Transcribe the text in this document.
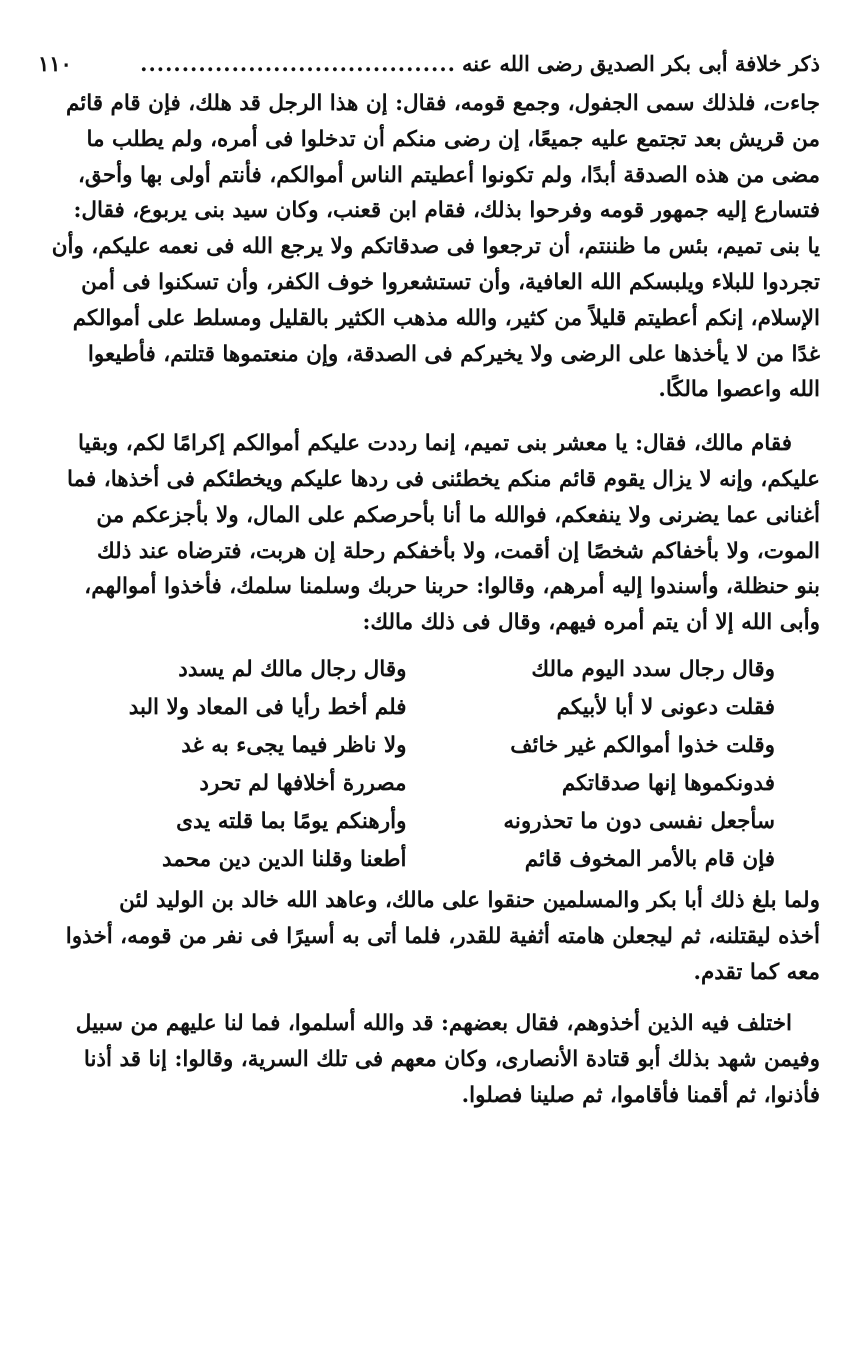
ذكر خلافة أبى بكر الصديق رضى الله عنه
......................................
١١٠

جاءت، فلذلك سمى الجفول، وجمع قومه، فقال: إن هذا الرجل قد هلك، فإن قام قائم
من قريش بعد تجتمع عليه جميعًا، إن رضى منكم أن تدخلوا فى أمره، ولم يطلب ما
مضى من هذه الصدقة أبدًا، ولم تكونوا أعطيتم الناس أموالكم، فأنتم أولى بها وأحق،
فتسارع إليه جمهور قومه وفرحوا بذلك، فقام ابن قعنب، وكان سيد بنى يربوع، فقال:
يا بنى تميم، بئس ما ظننتم، أن ترجعوا فى صدقاتكم ولا يرجع الله فى نعمه عليكم، وأن
تجردوا للبلاء ويلبسكم الله العافية، وأن تستشعروا خوف الكفر، وأن تسكنوا فى أمن
الإسلام، إنكم أعطيتم قليلاً من كثير، والله مذهب الكثير بالقليل ومسلط على أموالكم
غدًا من لا يأخذها على الرضى ولا يخيركم فى الصدقة، وإن منعتموها قتلتم، فأطيعوا
الله واعصوا مالكًا.

فقام مالك، فقال: يا معشر بنى تميم، إنما رددت عليكم أموالكم إكرامًا لكم، وبقيا
عليكم، وإنه لا يزال يقوم قائم منكم يخطئنى فى ردها عليكم ويخطئكم فى أخذها، فما
أغنانى عما يضرنى ولا ينفعكم، فوالله ما أنا بأحرصكم على المال، ولا بأجزعكم من
الموت، ولا بأخفاكم شخصًا إن أقمت، ولا بأخفكم رحلة إن هربت، فترضاه عند ذلك
بنو حنظلة، وأسندوا إليه أمرهم، وقالوا: حربنا حربك وسلمنا سلمك، فأخذوا أموالهم،
وأبى الله إلا أن يتم أمره فيهم، وقال فى ذلك مالك:

وقال رجال سدد اليوم مالك
وقال رجال مالك لم يسدد
فقلت دعونى لا أبا لأبيكم
فلم أخط رأيا فى المعاد ولا البد
وقلت خذوا أموالكم غير خائف
ولا ناظر فيما يجىء به غد
فدونكموها إنها صدقاتكم
مصررة أخلافها لم تحرد
سأجعل نفسى دون ما تحذرونه
وأرهنكم يومًا بما قلته يدى
فإن قام بالأمر المخوف قائم
أطعنا وقلنا الدين دين محمد

ولما بلغ ذلك أبا بكر والمسلمين حنقوا على مالك، وعاهد الله خالد بن الوليد لئن
أخذه ليقتلنه، ثم ليجعلن هامته أثفية للقدر، فلما أتى به أسيرًا فى نفر من قومه، أخذوا
معه كما تقدم.

اختلف فيه الذين أخذوهم، فقال بعضهم: قد والله أسلموا، فما لنا عليهم من سبيل
وفيمن شهد بذلك أبو قتادة الأنصارى، وكان معهم فى تلك السرية، وقالوا: إنا قد أذنا
فأذنوا، ثم أقمنا فأقاموا، ثم صلينا فصلوا.
